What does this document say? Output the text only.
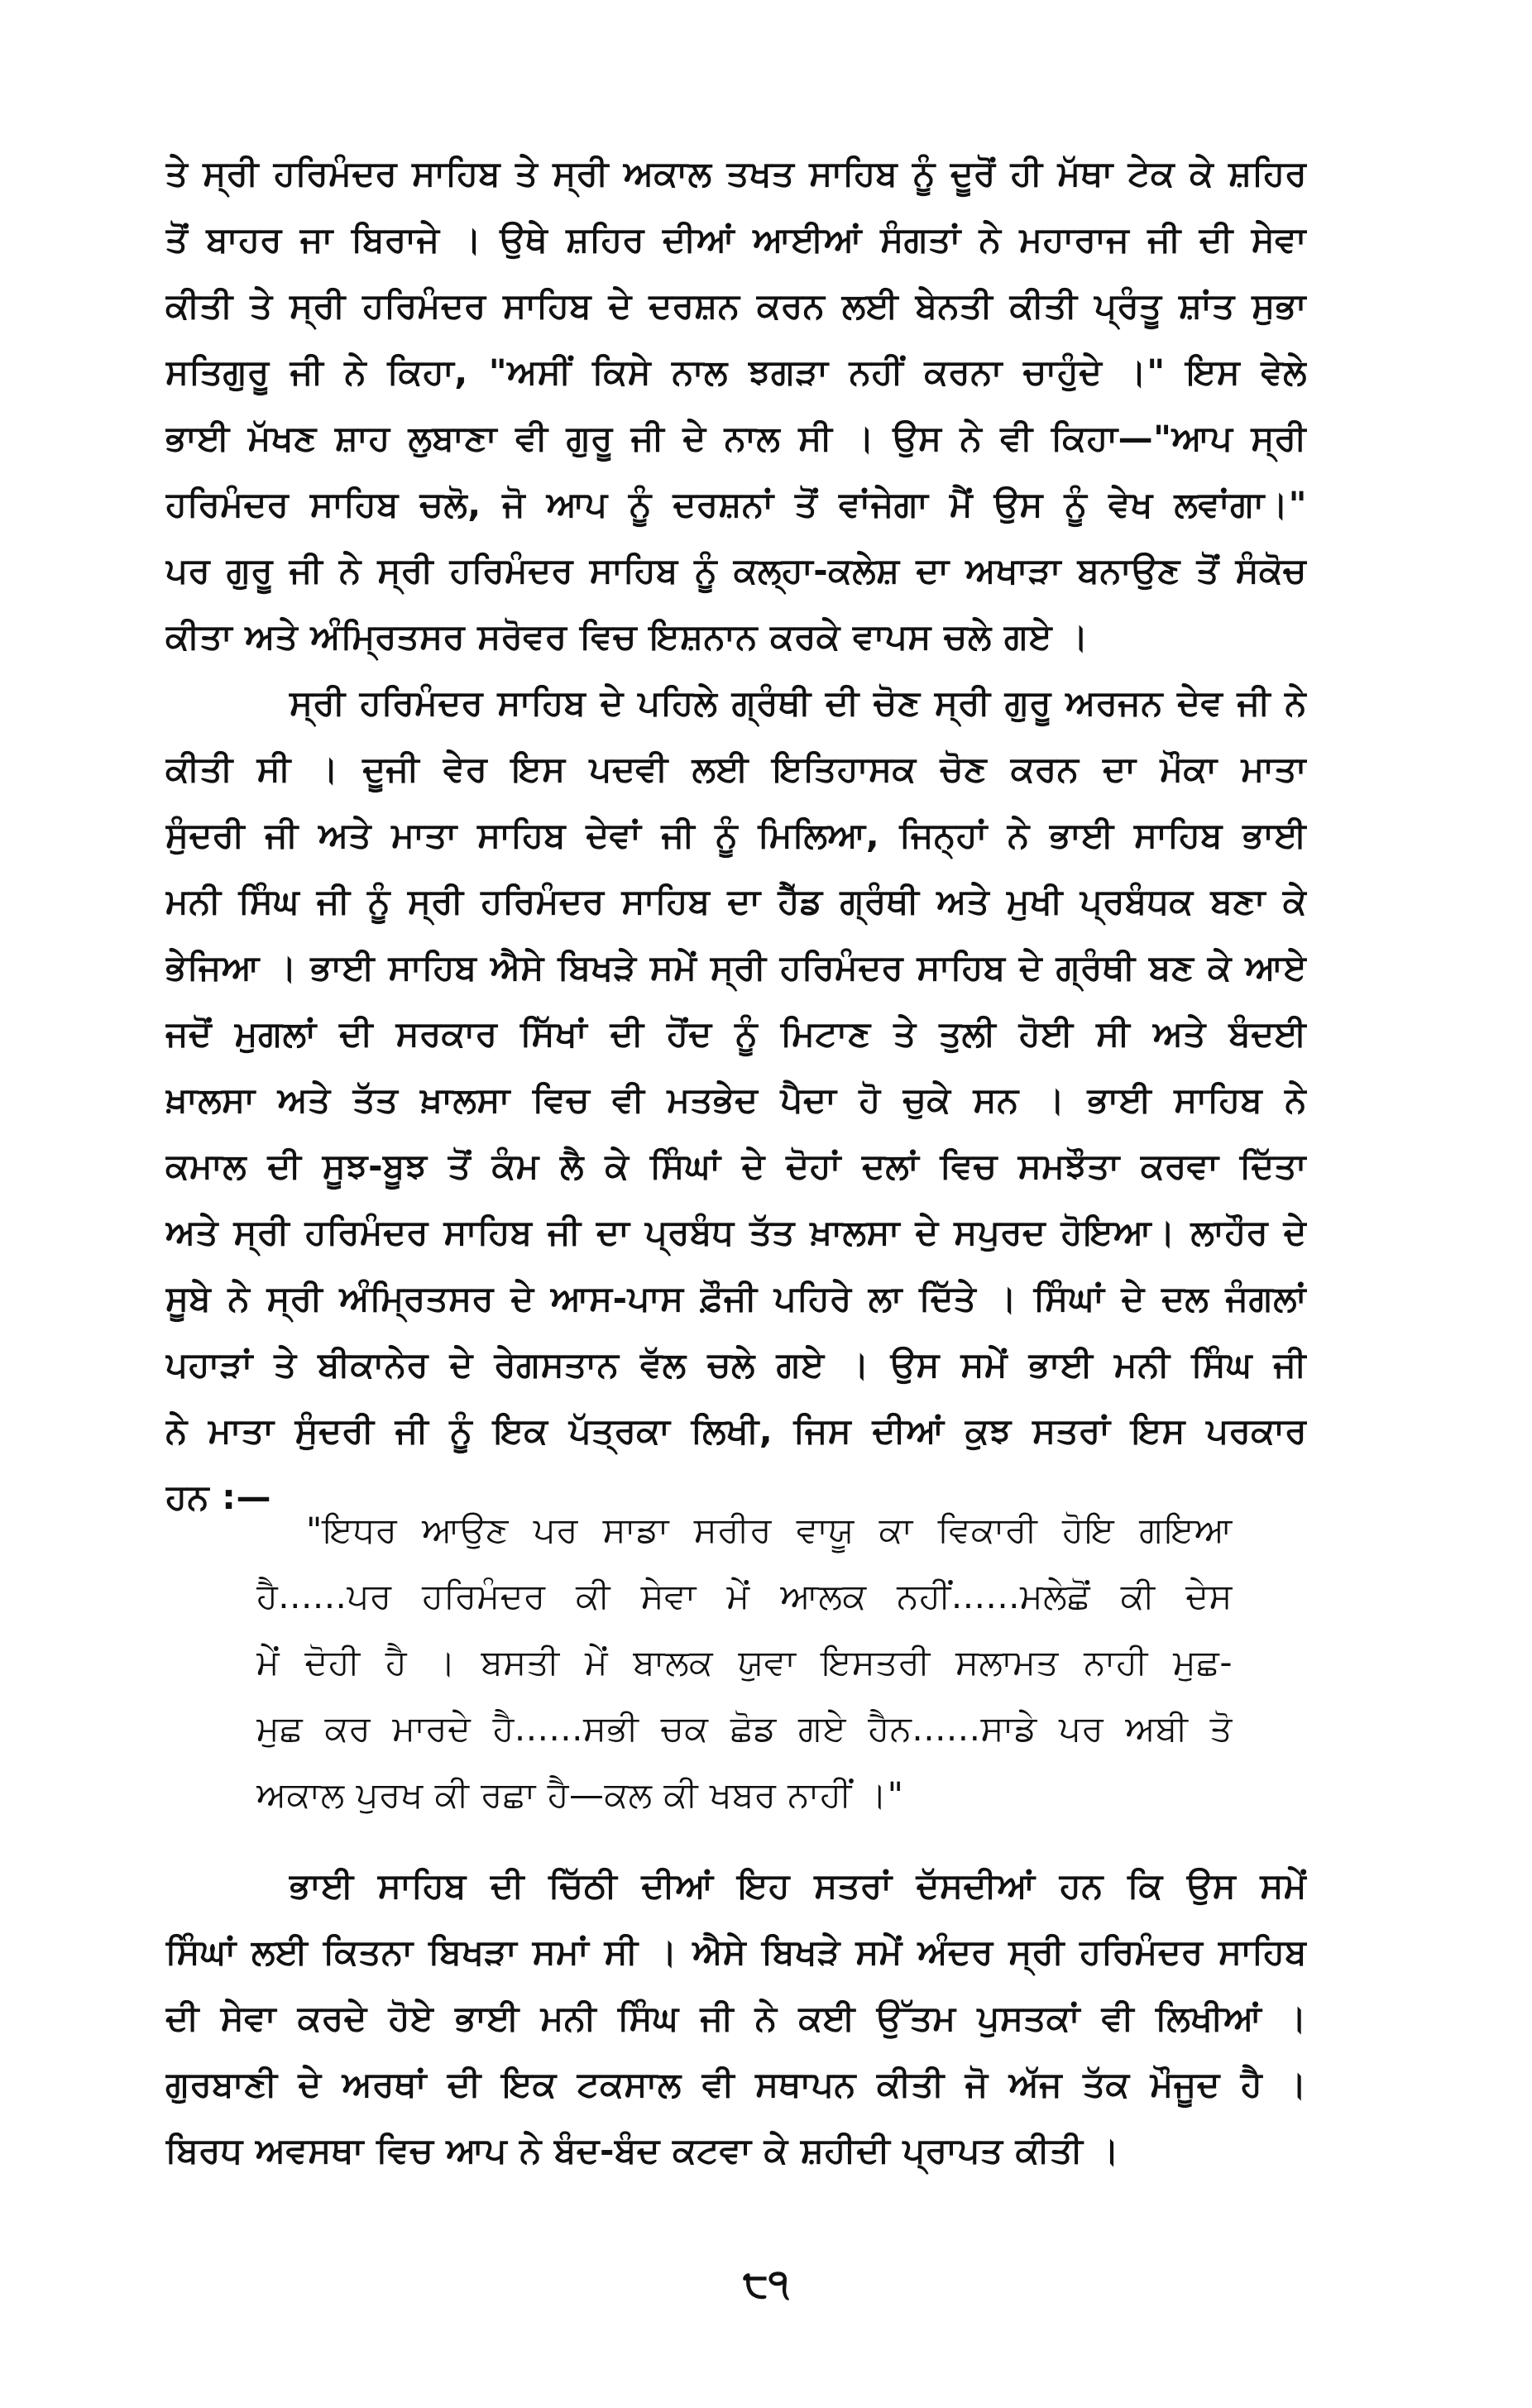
ਤੇ ਸ੍ਰੀ ਹਰਿਮੰਦਰ ਸਾਹਿਬ ਤੇ ਸ੍ਰੀ ਅਕਾਲ ਤਖਤ ਸਾਹਿਬ ਨੂੰ ਦੂਰੋਂ ਹੀ ਮੱਥਾ ਟੇਕ ਕੇ ਸ਼ਹਿਰ
ਤੋਂ ਬਾਹਰ ਜਾ ਬਿਰਾਜੇ । ਉਥੇ ਸ਼ਹਿਰ ਦੀਆਂ ਆਈਆਂ ਸੰਗਤਾਂ ਨੇ ਮਹਾਰਾਜ ਜੀ ਦੀ ਸੇਵਾ
ਕੀਤੀ ਤੇ ਸ੍ਰੀ ਹਰਿਮੰਦਰ ਸਾਹਿਬ ਦੇ ਦਰਸ਼ਨ ਕਰਨ ਲਈ ਬੇਨਤੀ ਕੀਤੀ ਪ੍ਰੰਤੂ ਸ਼ਾਂਤ ਸੁਭਾ
ਸਤਿਗੁਰੂ ਜੀ ਨੇ ਕਿਹਾ, "ਅਸੀਂ ਕਿਸੇ ਨਾਲ ਝਗੜਾ ਨਹੀਂ ਕਰਨਾ ਚਾਹੁੰਦੇ ।" ਇਸ ਵੇਲੇ
ਭਾਈ ਮੱਖਣ ਸ਼ਾਹ ਲੁਬਾਣਾ ਵੀ ਗੁਰੂ ਜੀ ਦੇ ਨਾਲ ਸੀ । ਉਸ ਨੇ ਵੀ ਕਿਹਾ—"ਆਪ ਸ੍ਰੀ
ਹਰਿਮੰਦਰ ਸਾਹਿਬ ਚਲੋ, ਜੋ ਆਪ ਨੂੰ ਦਰਸ਼ਨਾਂ ਤੋਂ ਵਾਂਜੇਗਾ ਮੈਂ ਉਸ ਨੂੰ ਵੇਖ ਲਵਾਂਗਾ।"
ਪਰ ਗੁਰੂ ਜੀ ਨੇ ਸ੍ਰੀ ਹਰਿਮੰਦਰ ਸਾਹਿਬ ਨੂੰ ਕਲ੍ਹਾ-ਕਲੇਸ਼ ਦਾ ਅਖਾੜਾ ਬਨਾਉਣ ਤੋਂ ਸੰਕੋਚ
ਕੀਤਾ ਅਤੇ ਅੰਮ੍ਰਿਤਸਰ ਸਰੋਵਰ ਵਿਚ ਇਸ਼ਨਾਨ ਕਰਕੇ ਵਾਪਸ ਚਲੇ ਗਏ ।
ਸ੍ਰੀ ਹਰਿਮੰਦਰ ਸਾਹਿਬ ਦੇ ਪਹਿਲੇ ਗ੍ਰੰਥੀ ਦੀ ਚੋਣ ਸ੍ਰੀ ਗੁਰੂ ਅਰਜਨ ਦੇਵ ਜੀ ਨੇ
ਕੀਤੀ ਸੀ । ਦੂਜੀ ਵੇਰ ਇਸ ਪਦਵੀ ਲਈ ਇਤਿਹਾਸਕ ਚੋਣ ਕਰਨ ਦਾ ਮੌਕਾ ਮਾਤਾ
ਸੁੰਦਰੀ ਜੀ ਅਤੇ ਮਾਤਾ ਸਾਹਿਬ ਦੇਵਾਂ ਜੀ ਨੂੰ ਮਿਲਿਆ, ਜਿਨ੍ਹਾਂ ਨੇ ਭਾਈ ਸਾਹਿਬ ਭਾਈ
ਮਨੀ ਸਿੰਘ ਜੀ ਨੂੰ ਸ੍ਰੀ ਹਰਿਮੰਦਰ ਸਾਹਿਬ ਦਾ ਹੈੱਡ ਗ੍ਰੰਥੀ ਅਤੇ ਮੁਖੀ ਪ੍ਰਬੰਧਕ ਬਣਾ ਕੇ
ਭੇਜਿਆ । ਭਾਈ ਸਾਹਿਬ ਐਸੇ ਬਿਖੜੇ ਸਮੇਂ ਸ੍ਰੀ ਹਰਿਮੰਦਰ ਸਾਹਿਬ ਦੇ ਗ੍ਰੰਥੀ ਬਣ ਕੇ ਆਏ
ਜਦੋਂ ਮੁਗਲਾਂ ਦੀ ਸਰਕਾਰ ਸਿੱਖਾਂ ਦੀ ਹੋਂਦ ਨੂੰ ਮਿਟਾਣ ਤੇ ਤੁਲੀ ਹੋਈ ਸੀ ਅਤੇ ਬੰਦਈ
ਖ਼ਾਲਸਾ ਅਤੇ ਤੱਤ ਖ਼ਾਲਸਾ ਵਿਚ ਵੀ ਮਤਭੇਦ ਪੈਦਾ ਹੋ ਚੁਕੇ ਸਨ । ਭਾਈ ਸਾਹਿਬ ਨੇ
ਕਮਾਲ ਦੀ ਸੂਝ-ਬੂਝ ਤੋਂ ਕੰਮ ਲੈ ਕੇ ਸਿੰਘਾਂ ਦੇ ਦੋਹਾਂ ਦਲਾਂ ਵਿਚ ਸਮਝੌਤਾ ਕਰਵਾ ਦਿੱਤਾ
ਅਤੇ ਸ੍ਰੀ ਹਰਿਮੰਦਰ ਸਾਹਿਬ ਜੀ ਦਾ ਪ੍ਰਬੰਧ ਤੱਤ ਖ਼ਾਲਸਾ ਦੇ ਸਪੁਰਦ ਹੋਇਆ। ਲਾਹੌਰ ਦੇ
ਸੂਬੇ ਨੇ ਸ੍ਰੀ ਅੰਮ੍ਰਿਤਸਰ ਦੇ ਆਸ-ਪਾਸ ਫ਼ੌਜੀ ਪਹਿਰੇ ਲਾ ਦਿੱਤੇ । ਸਿੰਘਾਂ ਦੇ ਦਲ ਜੰਗਲਾਂ
ਪਹਾੜਾਂ ਤੇ ਬੀਕਾਨੇਰ ਦੇ ਰੇਗਸਤਾਨ ਵੱਲ ਚਲੇ ਗਏ । ਉਸ ਸਮੇਂ ਭਾਈ ਮਨੀ ਸਿੰਘ ਜੀ
ਨੇ ਮਾਤਾ ਸੁੰਦਰੀ ਜੀ ਨੂੰ ਇਕ ਪੱਤ੍ਰਕਾ ਲਿਖੀ, ਜਿਸ ਦੀਆਂ ਕੁਝ ਸਤਰਾਂ ਇਸ ਪਰਕਾਰ
ਹਨ :—
"ਇਧਰ ਆਉਣ ਪਰ ਸਾਡਾ ਸਰੀਰ ਵਾਯੂ ਕਾ ਵਿਕਾਰੀ ਹੋਇ ਗਇਆ
ਹੈ......ਪਰ ਹਰਿਮੰਦਰ ਕੀ ਸੇਵਾ ਮੇਂ ਆਲਕ ਨਹੀਂ......ਮਲੇਛੋਂ ਕੀ ਦੇਸ
ਮੇਂ ਦੋਹੀ ਹੈ । ਬਸਤੀ ਮੇਂ ਬਾਲਕ ਯੁਵਾ ਇਸਤਰੀ ਸਲਾਮਤ ਨਾਹੀ ਮੁਛ-
ਮੁਛ ਕਰ ਮਾਰਦੇ ਹੈ......ਸਭੀ ਚਕ ਛੋਡ ਗਏ ਹੈਨ......ਸਾਡੇ ਪਰ ਅਬੀ ਤੋ
ਅਕਾਲ ਪੁਰਖ ਕੀ ਰਛਾ ਹੈ—ਕਲ ਕੀ ਖਬਰ ਨਾਹੀਂ ।"
ਭਾਈ ਸਾਹਿਬ ਦੀ ਚਿੱਠੀ ਦੀਆਂ ਇਹ ਸਤਰਾਂ ਦੱਸਦੀਆਂ ਹਨ ਕਿ ਉਸ ਸਮੇਂ
ਸਿੰਘਾਂ ਲਈ ਕਿਤਨਾ ਬਿਖੜਾ ਸਮਾਂ ਸੀ । ਐਸੇ ਬਿਖੜੇ ਸਮੇਂ ਅੰਦਰ ਸ੍ਰੀ ਹਰਿਮੰਦਰ ਸਾਹਿਬ
ਦੀ ਸੇਵਾ ਕਰਦੇ ਹੋਏ ਭਾਈ ਮਨੀ ਸਿੰਘ ਜੀ ਨੇ ਕਈ ਉੱਤਮ ਪੁਸਤਕਾਂ ਵੀ ਲਿਖੀਆਂ ।
ਗੁਰਬਾਣੀ ਦੇ ਅਰਥਾਂ ਦੀ ਇਕ ਟਕਸਾਲ ਵੀ ਸਥਾਪਨ ਕੀਤੀ ਜੋ ਅੱਜ ਤੱਕ ਮੌਜੂਦ ਹੈ ।
ਬਿਰਧ ਅਵਸਥਾ ਵਿਚ ਆਪ ਨੇ ਬੰਦ-ਬੰਦ ਕਟਵਾ ਕੇ ਸ਼ਹੀਦੀ ਪ੍ਰਾਪਤ ਕੀਤੀ ।
੮੧
